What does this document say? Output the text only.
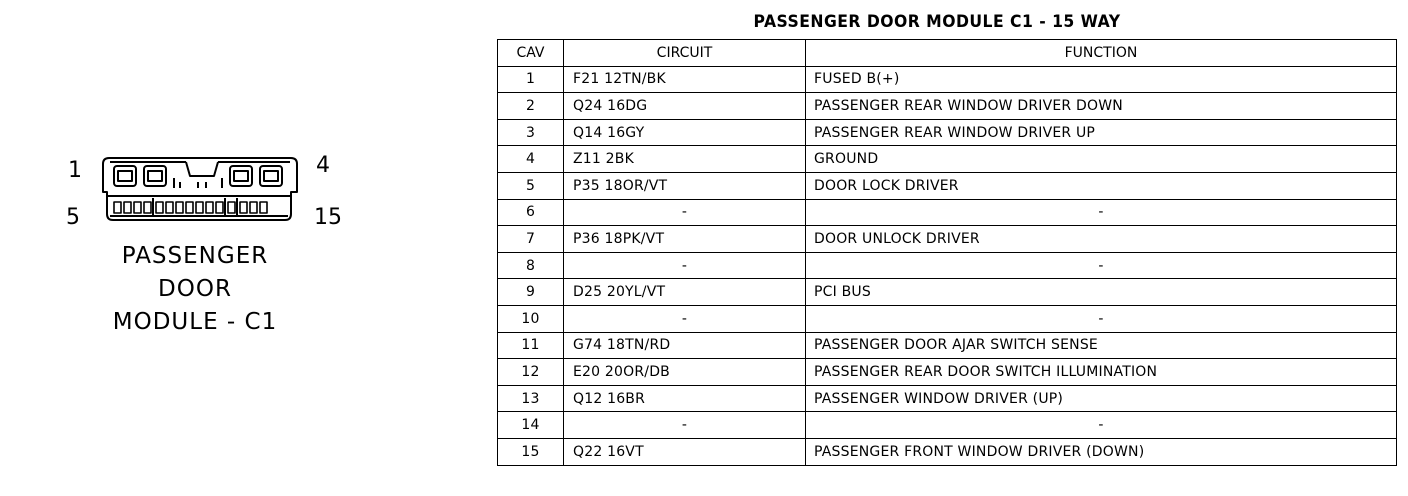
1	4
5	15
PASSENGER
DOOR
MODULE - C1
PASSENGER DOOR MODULE C1 - 15 WAY
CAV	CIRCUIT	FUNCTION
1	F21 12TN/BK	FUSED B(+)
2	Q24 16DG	PASSENGER REAR WINDOW DRIVER DOWN
3	Q14 16GY	PASSENGER REAR WINDOW DRIVER UP
4	Z11 2BK	GROUND
5	P35 18OR/VT	DOOR LOCK DRIVER
6	-	-
7	P36 18PK/VT	DOOR UNLOCK DRIVER
8	-	-
9	D25 20YL/VT	PCI BUS
10	-	-
11	G74 18TN/RD	PASSENGER DOOR AJAR SWITCH SENSE
12	E20 20OR/DB	PASSENGER REAR DOOR SWITCH ILLUMINATION
13	Q12 16BR	PASSENGER WINDOW DRIVER (UP)
14	-	-
15	Q22 16VT	PASSENGER FRONT WINDOW DRIVER (DOWN)
